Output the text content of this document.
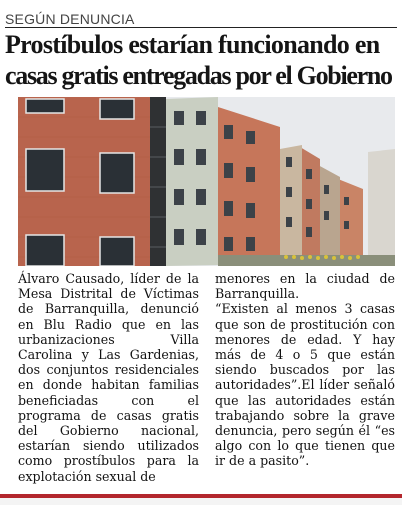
SEGÚN DENUNCIA
Prostíbulos estarían funcionando en
casas gratis entregadas por el Gobierno

Álvaro Causado, líder de la Mesa Distrital de Víctimas de Barranquilla, denunció en Blu Radio que en las urbanizaciones Villa Carolina y Las Gardenias, dos conjuntos residenciales en donde habitan familias beneficiadas con el programa de casas gratis del Gobierno nacional, estarían siendo utilizados como prostíbulos para la explotación sexual de

menores en la ciudad de Barranquilla.

“Existen al menos 3 casas que son de prostitución con menores de edad. Y hay más de 4 o 5 que están siendo buscados por las autoridades”.El líder señaló que las autoridades están trabajando sobre la grave denuncia, pero según él “es algo con lo que tienen que ir de a pasito”.
